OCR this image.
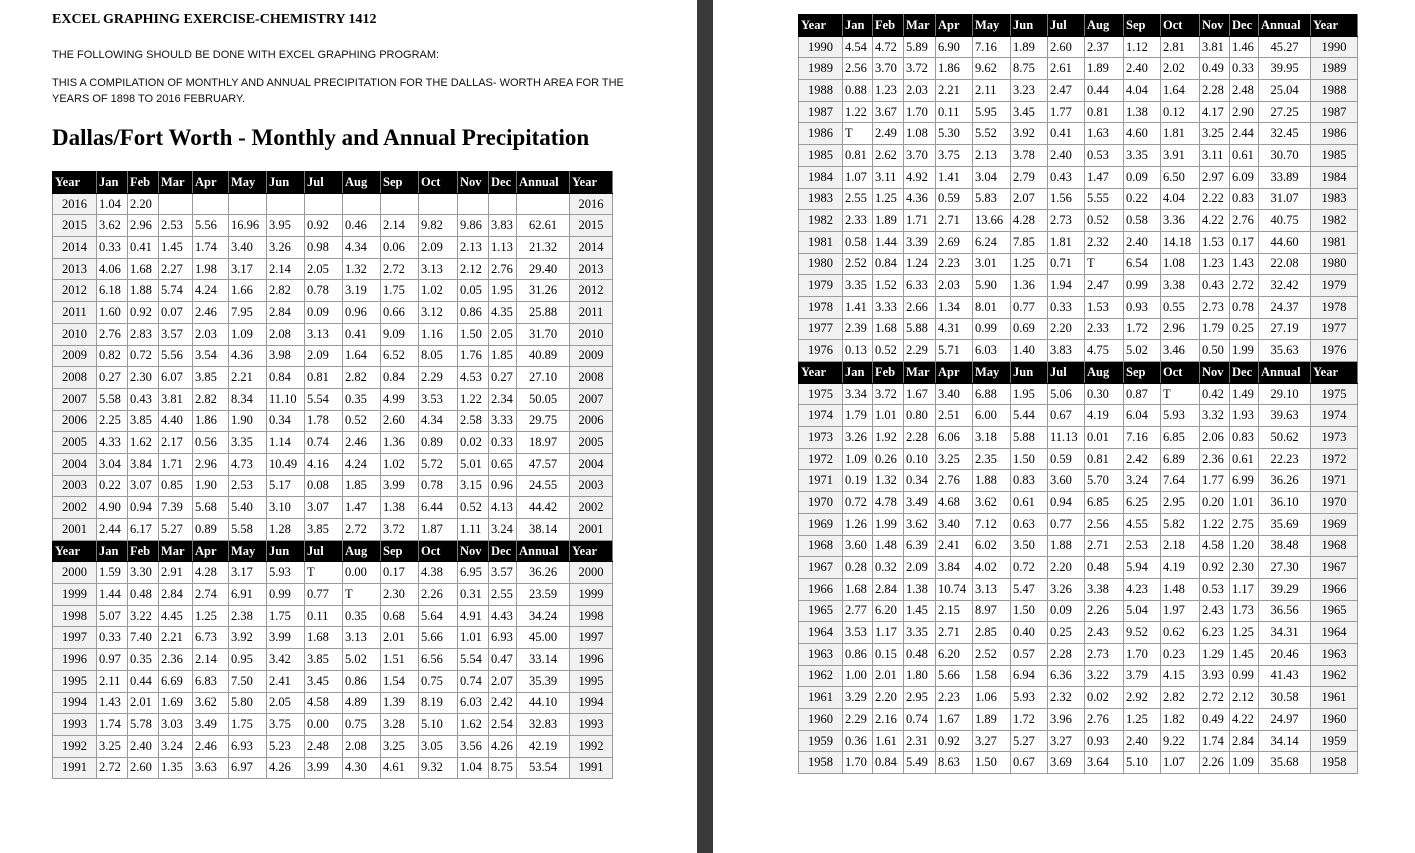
EXCEL GRAPHING EXERCISE-CHEMISTRY 1412
THE FOLLOWING SHOULD BE DONE WITH EXCEL GRAPHING PROGRAM:
THIS A COMPILATION OF MONTHLY AND ANNUAL PRECIPITATION FOR THE DALLAS- WORTH AREA FOR THE YEARS OF 1898 TO 2016 FEBRUARY.
Dallas/Fort Worth - Monthly and Annual Precipitation
Year	Jan	Feb	Mar	Apr	May	Jun	Jul	Aug	Sep	Oct	Nov	Dec	Annual	Year
2016	1.04	2.20												2016
2015	3.62	2.96	2.53	5.56	16.96	3.95	0.92	0.46	2.14	9.82	9.86	3.83	62.61	2015
2014	0.33	0.41	1.45	1.74	3.40	3.26	0.98	4.34	0.06	2.09	2.13	1.13	21.32	2014
2013	4.06	1.68	2.27	1.98	3.17	2.14	2.05	1.32	2.72	3.13	2.12	2.76	29.40	2013
2012	6.18	1.88	5.74	4.24	1.66	2.82	0.78	3.19	1.75	1.02	0.05	1.95	31.26	2012
2011	1.60	0.92	0.07	2.46	7.95	2.84	0.09	0.96	0.66	3.12	0.86	4.35	25.88	2011
2010	2.76	2.83	3.57	2.03	1.09	2.08	3.13	0.41	9.09	1.16	1.50	2.05	31.70	2010
2009	0.82	0.72	5.56	3.54	4.36	3.98	2.09	1.64	6.52	8.05	1.76	1.85	40.89	2009
2008	0.27	2.30	6.07	3.85	2.21	0.84	0.81	2.82	0.84	2.29	4.53	0.27	27.10	2008
2007	5.58	0.43	3.81	2.82	8.34	11.10	5.54	0.35	4.99	3.53	1.22	2.34	50.05	2007
2006	2.25	3.85	4.40	1.86	1.90	0.34	1.78	0.52	2.60	4.34	2.58	3.33	29.75	2006
2005	4.33	1.62	2.17	0.56	3.35	1.14	0.74	2.46	1.36	0.89	0.02	0.33	18.97	2005
2004	3.04	3.84	1.71	2.96	4.73	10.49	4.16	4.24	1.02	5.72	5.01	0.65	47.57	2004
2003	0.22	3.07	0.85	1.90	2.53	5.17	0.08	1.85	3.99	0.78	3.15	0.96	24.55	2003
2002	4.90	0.94	7.39	5.68	5.40	3.10	3.07	1.47	1.38	6.44	0.52	4.13	44.42	2002
2001	2.44	6.17	5.27	0.89	5.58	1.28	3.85	2.72	3.72	1.87	1.11	3.24	38.14	2001
Year	Jan	Feb	Mar	Apr	May	Jun	Jul	Aug	Sep	Oct	Nov	Dec	Annual	Year
2000	1.59	3.30	2.91	4.28	3.17	5.93	T	0.00	0.17	4.38	6.95	3.57	36.26	2000
1999	1.44	0.48	2.84	2.74	6.91	0.99	0.77	T	2.30	2.26	0.31	2.55	23.59	1999
1998	5.07	3.22	4.45	1.25	2.38	1.75	0.11	0.35	0.68	5.64	4.91	4.43	34.24	1998
1997	0.33	7.40	2.21	6.73	3.92	3.99	1.68	3.13	2.01	5.66	1.01	6.93	45.00	1997
1996	0.97	0.35	2.36	2.14	0.95	3.42	3.85	5.02	1.51	6.56	5.54	0.47	33.14	1996
1995	2.11	0.44	6.69	6.83	7.50	2.41	3.45	0.86	1.54	0.75	0.74	2.07	35.39	1995
1994	1.43	2.01	1.69	3.62	5.80	2.05	4.58	4.89	1.39	8.19	6.03	2.42	44.10	1994
1993	1.74	5.78	3.03	3.49	1.75	3.75	0.00	0.75	3.28	5.10	1.62	2.54	32.83	1993
1992	3.25	2.40	3.24	2.46	6.93	5.23	2.48	2.08	3.25	3.05	3.56	4.26	42.19	1992
1991	2.72	2.60	1.35	3.63	6.97	4.26	3.99	4.30	4.61	9.32	1.04	8.75	53.54	1991
Year	Jan	Feb	Mar	Apr	May	Jun	Jul	Aug	Sep	Oct	Nov	Dec	Annual	Year
1990	4.54	4.72	5.89	6.90	7.16	1.89	2.60	2.37	1.12	2.81	3.81	1.46	45.27	1990
1989	2.56	3.70	3.72	1.86	9.62	8.75	2.61	1.89	2.40	2.02	0.49	0.33	39.95	1989
1988	0.88	1.23	2.03	2.21	2.11	3.23	2.47	0.44	4.04	1.64	2.28	2.48	25.04	1988
1987	1.22	3.67	1.70	0.11	5.95	3.45	1.77	0.81	1.38	0.12	4.17	2.90	27.25	1987
1986	T	2.49	1.08	5.30	5.52	3.92	0.41	1.63	4.60	1.81	3.25	2.44	32.45	1986
1985	0.81	2.62	3.70	3.75	2.13	3.78	2.40	0.53	3.35	3.91	3.11	0.61	30.70	1985
1984	1.07	3.11	4.92	1.41	3.04	2.79	0.43	1.47	0.09	6.50	2.97	6.09	33.89	1984
1983	2.55	1.25	4.36	0.59	5.83	2.07	1.56	5.55	0.22	4.04	2.22	0.83	31.07	1983
1982	2.33	1.89	1.71	2.71	13.66	4.28	2.73	0.52	0.58	3.36	4.22	2.76	40.75	1982
1981	0.58	1.44	3.39	2.69	6.24	7.85	1.81	2.32	2.40	14.18	1.53	0.17	44.60	1981
1980	2.52	0.84	1.24	2.23	3.01	1.25	0.71	T	6.54	1.08	1.23	1.43	22.08	1980
1979	3.35	1.52	6.33	2.03	5.90	1.36	1.94	2.47	0.99	3.38	0.43	2.72	32.42	1979
1978	1.41	3.33	2.66	1.34	8.01	0.77	0.33	1.53	0.93	0.55	2.73	0.78	24.37	1978
1977	2.39	1.68	5.88	4.31	0.99	0.69	2.20	2.33	1.72	2.96	1.79	0.25	27.19	1977
1976	0.13	0.52	2.29	5.71	6.03	1.40	3.83	4.75	5.02	3.46	0.50	1.99	35.63	1976
Year	Jan	Feb	Mar	Apr	May	Jun	Jul	Aug	Sep	Oct	Nov	Dec	Annual	Year
1975	3.34	3.72	1.67	3.40	6.88	1.95	5.06	0.30	0.87	T	0.42	1.49	29.10	1975
1974	1.79	1.01	0.80	2.51	6.00	5.44	0.67	4.19	6.04	5.93	3.32	1.93	39.63	1974
1973	3.26	1.92	2.28	6.06	3.18	5.88	11.13	0.01	7.16	6.85	2.06	0.83	50.62	1973
1972	1.09	0.26	0.10	3.25	2.35	1.50	0.59	0.81	2.42	6.89	2.36	0.61	22.23	1972
1971	0.19	1.32	0.34	2.76	1.88	0.83	3.60	5.70	3.24	7.64	1.77	6.99	36.26	1971
1970	0.72	4.78	3.49	4.68	3.62	0.61	0.94	6.85	6.25	2.95	0.20	1.01	36.10	1970
1969	1.26	1.99	3.62	3.40	7.12	0.63	0.77	2.56	4.55	5.82	1.22	2.75	35.69	1969
1968	3.60	1.48	6.39	2.41	6.02	3.50	1.88	2.71	2.53	2.18	4.58	1.20	38.48	1968
1967	0.28	0.32	2.09	3.84	4.02	0.72	2.20	0.48	5.94	4.19	0.92	2.30	27.30	1967
1966	1.68	2.84	1.38	10.74	3.13	5.47	3.26	3.38	4.23	1.48	0.53	1.17	39.29	1966
1965	2.77	6.20	1.45	2.15	8.97	1.50	0.09	2.26	5.04	1.97	2.43	1.73	36.56	1965
1964	3.53	1.17	3.35	2.71	2.85	0.40	0.25	2.43	9.52	0.62	6.23	1.25	34.31	1964
1963	0.86	0.15	0.48	6.20	2.52	0.57	2.28	2.73	1.70	0.23	1.29	1.45	20.46	1963
1962	1.00	2.01	1.80	5.66	1.58	6.94	6.36	3.22	3.79	4.15	3.93	0.99	41.43	1962
1961	3.29	2.20	2.95	2.23	1.06	5.93	2.32	0.02	2.92	2.82	2.72	2.12	30.58	1961
1960	2.29	2.16	0.74	1.67	1.89	1.72	3.96	2.76	1.25	1.82	0.49	4.22	24.97	1960
1959	0.36	1.61	2.31	0.92	3.27	5.27	3.27	0.93	2.40	9.22	1.74	2.84	34.14	1959
1958	1.70	0.84	5.49	8.63	1.50	0.67	3.69	3.64	5.10	1.07	2.26	1.09	35.68	1958
